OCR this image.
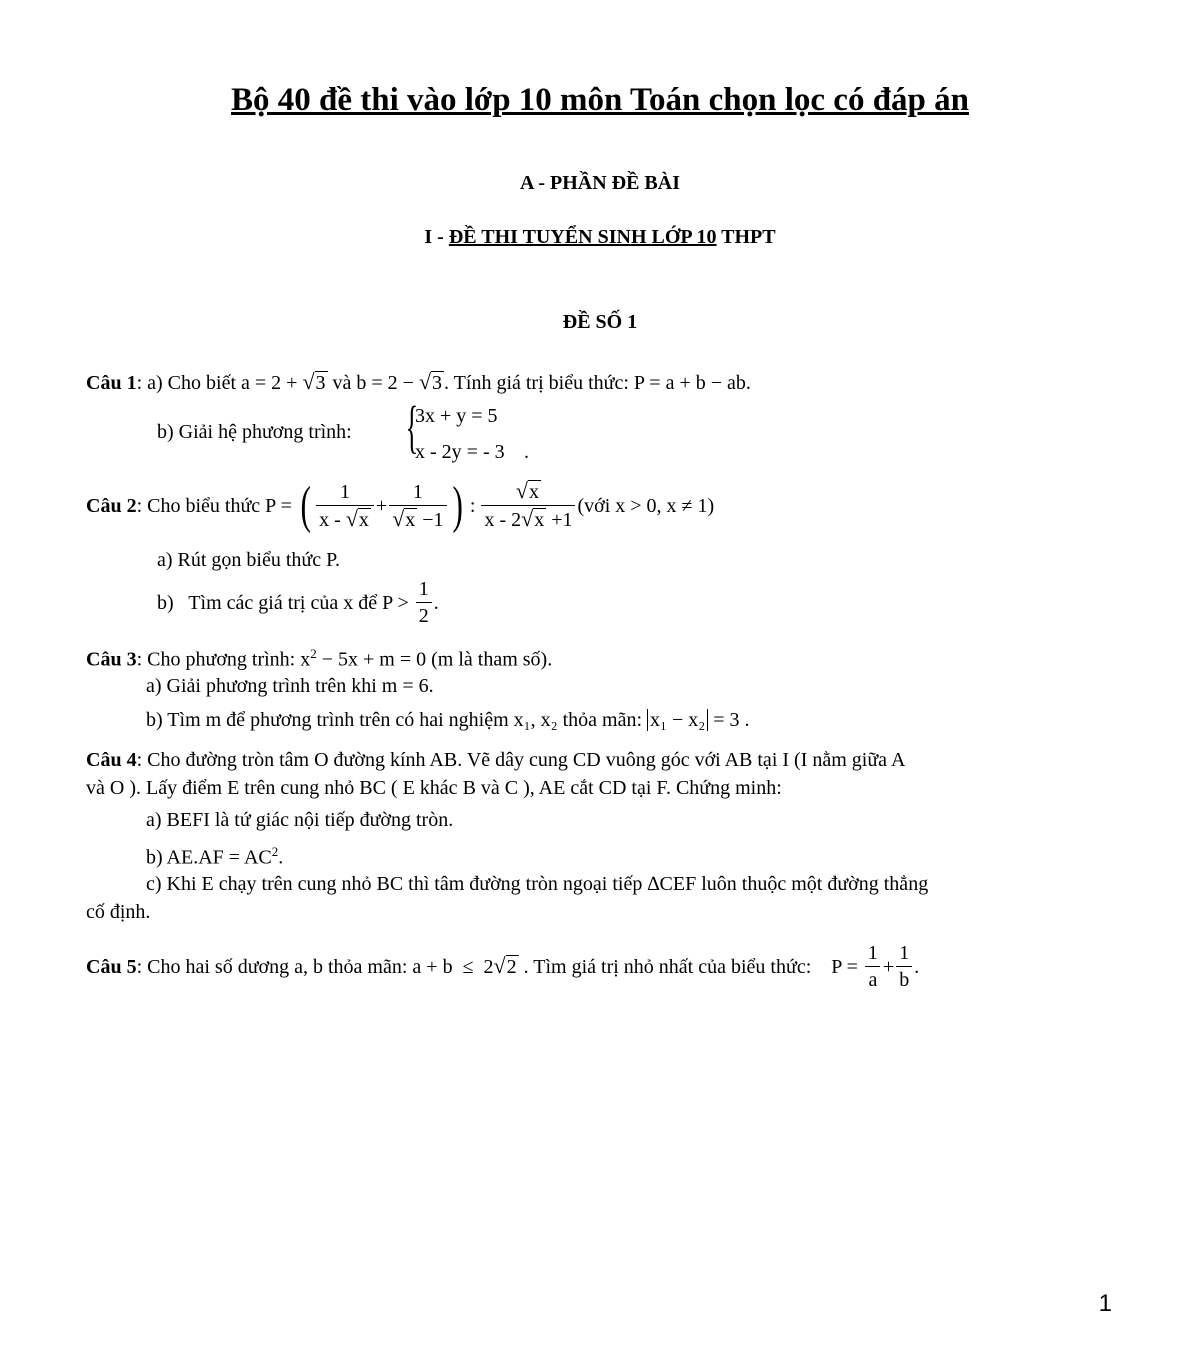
Bộ 40 đề thi vào lớp 10 môn Toán chọn lọc có đáp án
A - PHẦN ĐỀ BÀI
I - ĐỀ THI TUYỂN SINH LỚP 10 THPT
ĐỀ SỐ 1
Câu 1: a) Cho biết a = 2 + √3 và b = 2 − √3 . Tính giá trị biểu thức: P = a + b − ab.
b) Giải hệ phương trình: {
3x + y = 5
x - 2y = - 3 .
Câu 2 : Cho biểu thức P = ( $\frac{1}{x - √x} + \frac{1}{√x -1}$ ) : $\frac{√x}{x - 2√x +1}$ (với x > 0, x ≠ 1)
a) Rút gọn biểu thức P.
b)   Tìm các giá trị của x để $P > \frac{1}{2}$ .
Câu 3: Cho phương trình: $x^2 - 5x + m = 0$ (m là tham số).
a) Giải phương trình trên khi m = 6.
b) Tìm m để phương trình trên có hai nghiệm x₁, x₂ thỏa mãn: x₁ − x₂ = 3 .
Câu 4: Cho đường tròn tâm O đường kính AB. Vẽ dây cung CD vuông góc với AB tại I (I nằm giữa A
và O ). Lấy điểm E trên cung nhỏ BC ( E khác B và C ), AE cắt CD tại F. Chứng minh:
a) BEFI là tứ giác nội tiếp đường tròn.
b) $AE.AF = AC^2$.
c) Khi E chạy trên cung nhỏ BC thì tâm đường tròn ngoại tiếp ∆CEF luôn thuộc một đường thẳng
cố định.
Câu 5 : Cho hai số dương a, b thỏa mãn: a + b  ≤  2 √2 . Tìm giá trị nhỏ nhất của biểu thức:    $P = \frac{1}{a} + \frac{1}{b}$ .
1
